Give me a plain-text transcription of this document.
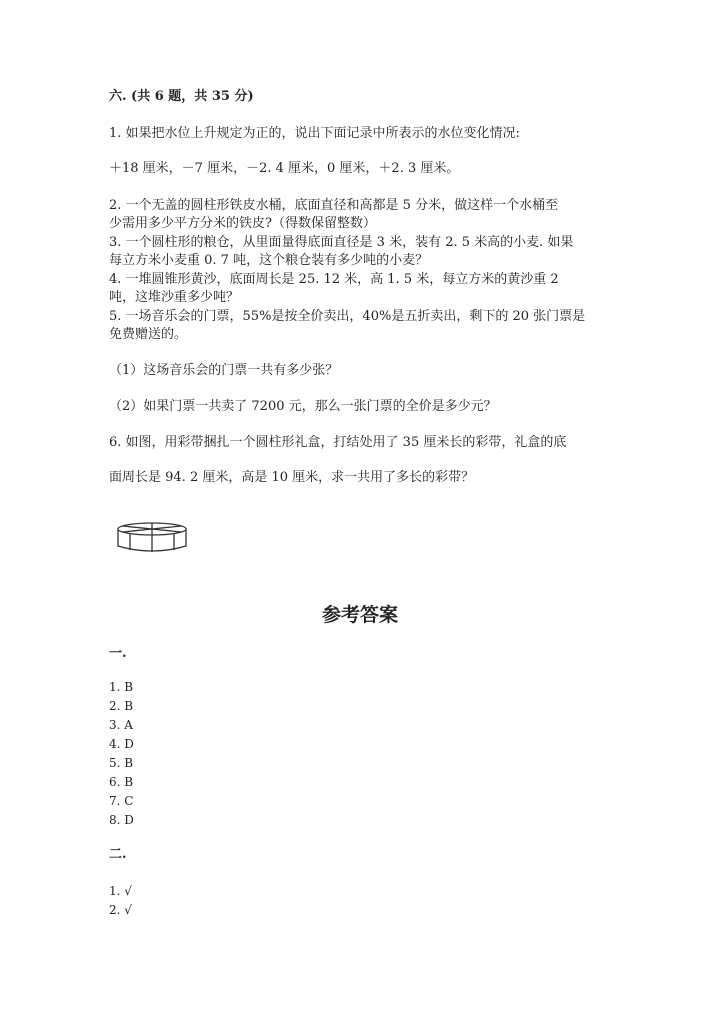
六. (共 6 题，共 35 分)
1. 如果把水位上升规定为正的，说出下面记录中所表示的水位变化情况:
＋18 厘米，－7 厘米，－2. 4 厘米，0 厘米，＋2. 3 厘米。
2. 一个无盖的圆柱形铁皮水桶，底面直径和高都是 5 分米，做这样一个水桶至
少需用多少平方分米的铁皮?（得数保留整数）
3. 一个圆柱形的粮仓，从里面量得底面直径是 3 米，装有 2. 5 米高的小麦. 如果
每立方米小麦重 0. 7 吨，这个粮仓装有多少吨的小麦？
4. 一堆圆锥形黄沙，底面周长是 25. 12 米，高 1. 5 米，每立方米的黄沙重 2
吨，这堆沙重多少吨？
5. 一场音乐会的门票，55%是按全价卖出，40%是五折卖出，剩下的 20 张门票是
免费赠送的。
（1）这场音乐会的门票一共有多少张？
（2）如果门票一共卖了 7200 元，那么一张门票的全价是多少元？
6. 如图，用彩带捆扎一个圆柱形礼盒，打结处用了 35 厘米长的彩带，礼盒的底
面周长是 94. 2 厘米，高是 10 厘米，求一共用了多长的彩带？
参考答案
一.
1. B
2. B
3. A
4. D
5. B
6. B
7. C
8. D
二.
1. √
2. √
